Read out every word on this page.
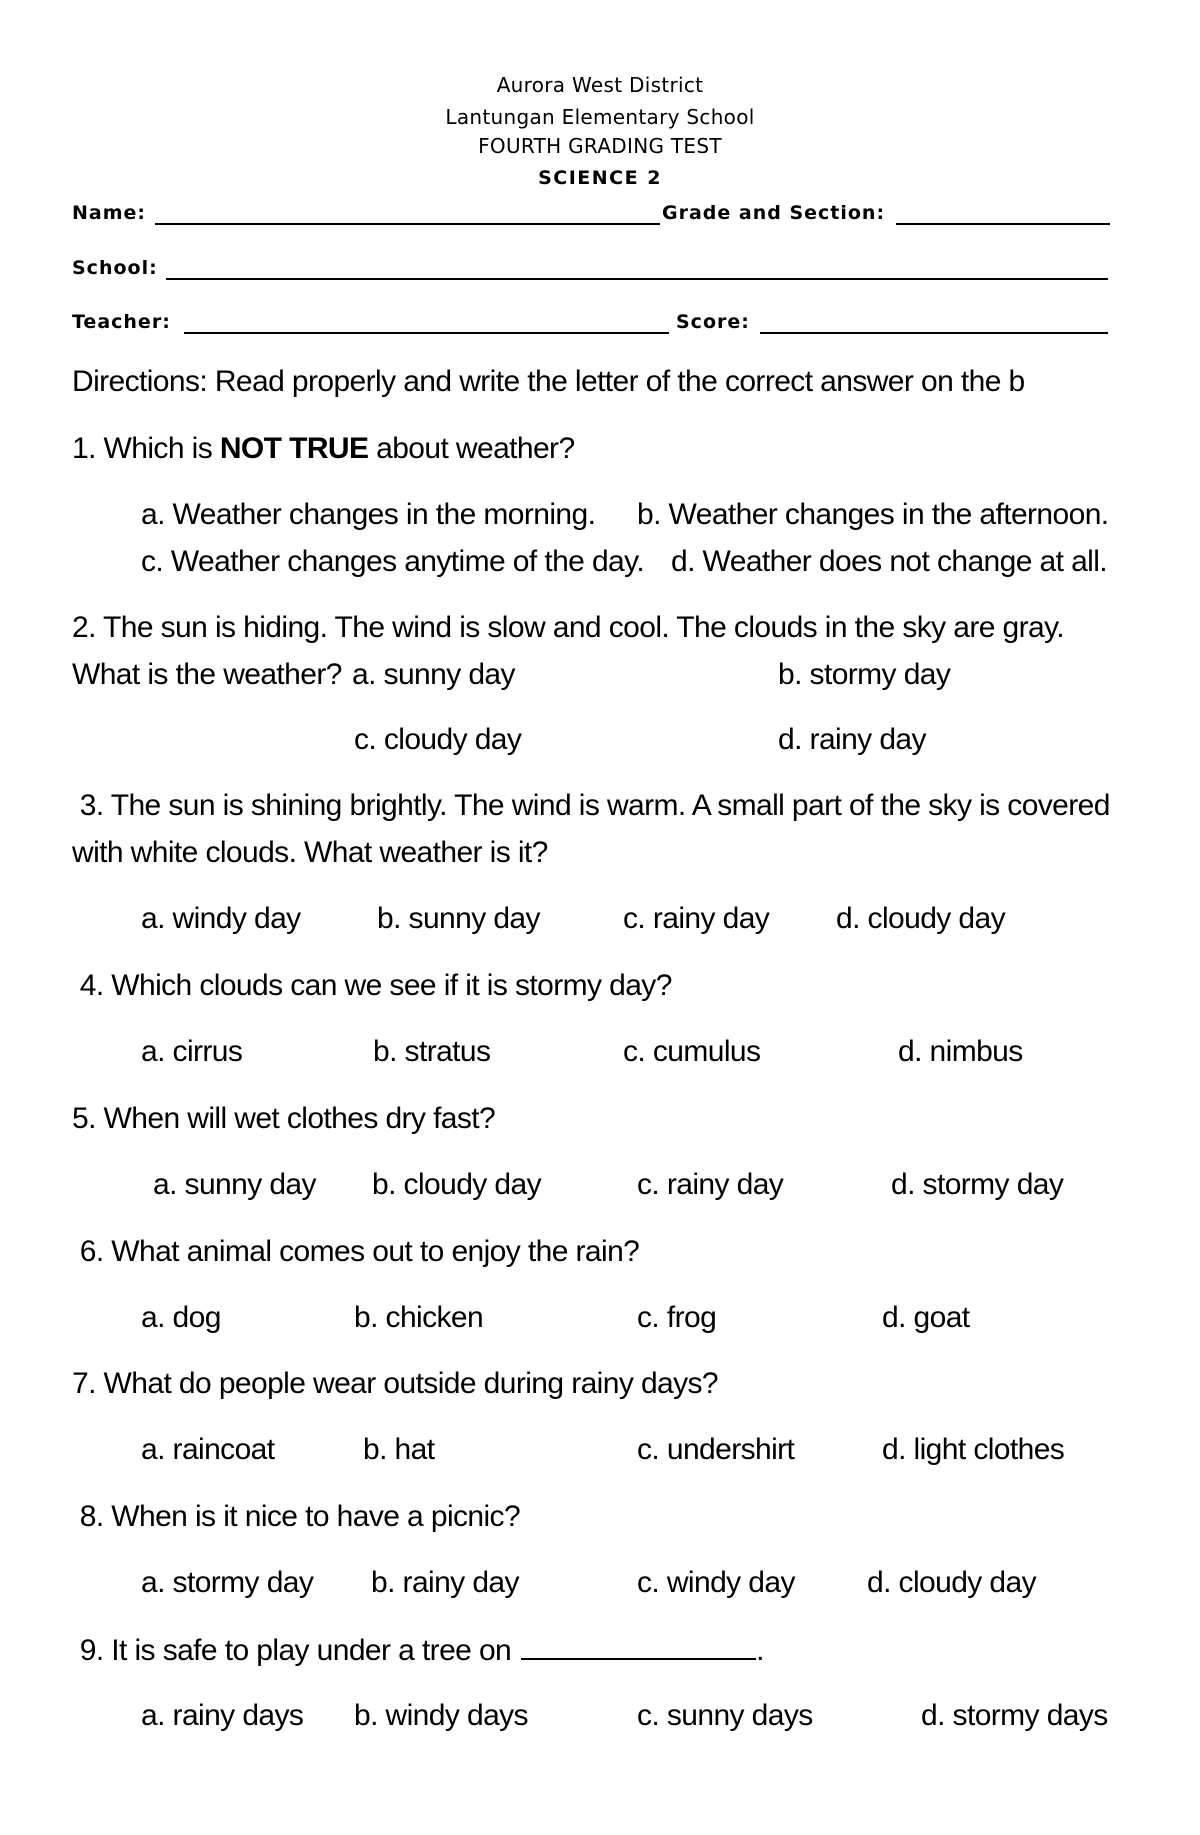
Aurora West District
Lantungan Elementary School
FOURTH GRADING TEST
SCIENCE 2
Name:	Grade and Section:
School:
Teacher:	Score:
Directions: Read properly and write the letter of the correct answer on the b
1. Which is NOT TRUE about weather?
a. Weather changes in the morning. b. Weather changes in the afternoon.
c. Weather changes anytime of the day. d. Weather does not change at all.
2. The sun is hiding. The wind is slow and cool. The clouds in the sky are gray.
What is the weather? a. sunny day	b. stormy day
c. cloudy day	d. rainy day
3. The sun is shining brightly. The wind is warm. A small part of the sky is covered
with white clouds. What weather is it?
a. windy day	b. sunny day	c. rainy day d. cloudy day
4. Which clouds can we see if it is stormy day?
a. cirrus	b. stratus	c. cumulus	d. nimbus
5. When will wet clothes dry fast?
a. sunny day b. cloudy day	c. rainy day	d. stormy day
6. What animal comes out to enjoy the rain?
a. dog	b. chicken	c. frog	d. goat
7. What do people wear outside during rainy days?
a. raincoat	b. hat	c. undershirt	d. light clothes
8. When is it nice to have a picnic?
a. stormy day b. rainy day	c. windy day d. cloudy day
9. It is safe to play under a tree on	.
a. rainy days b. windy days	c. sunny days	d. stormy days
